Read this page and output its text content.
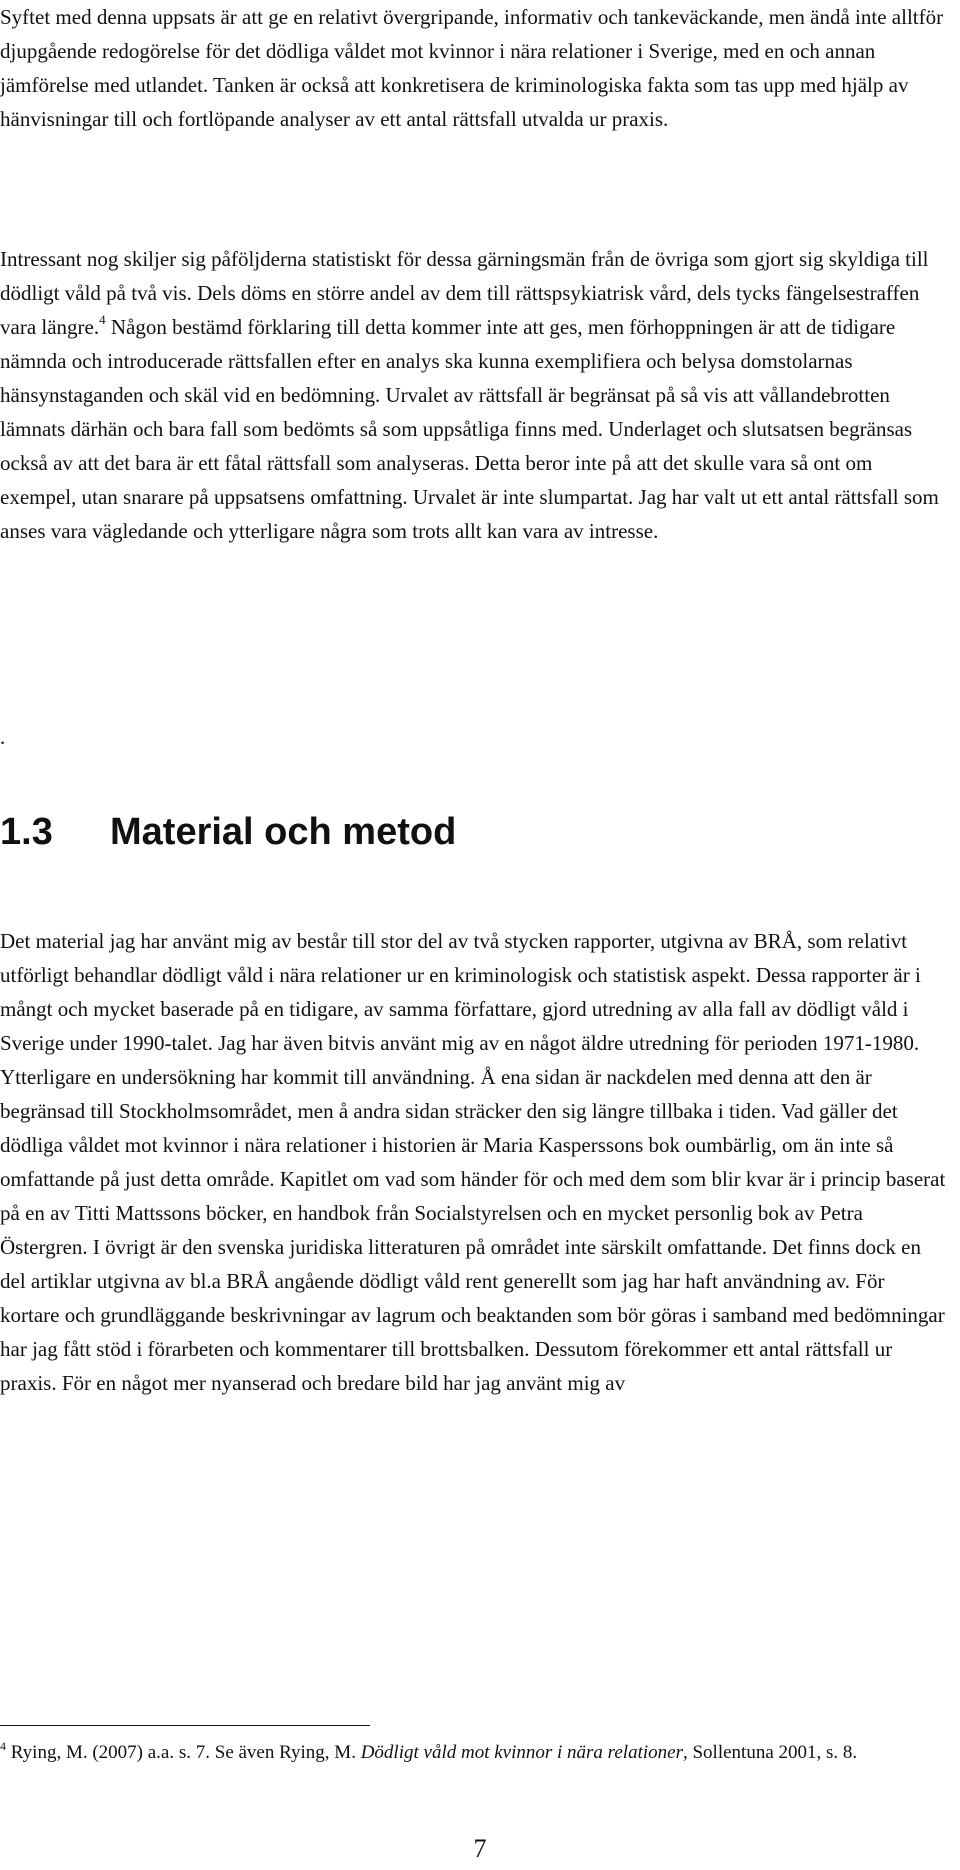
Syftet med denna uppsats är att ge en relativt övergripande, informativ och tankeväckande, men ändå inte alltför djupgående redogörelse för det dödliga våldet mot kvinnor i nära relationer i Sverige, med en och annan jämförelse med utlandet. Tanken är också att konkretisera de kriminologiska fakta som tas upp med hjälp av hänvisningar till och fortlöpande analyser av ett antal rättsfall utvalda ur praxis.

Intressant nog skiljer sig påföljderna statistiskt för dessa gärningsmän från de övriga som gjort sig skyldiga till dödligt våld på två vis. Dels döms en större andel av dem till rättspsykiatrisk vård, dels tycks fängelsestraffen vara längre.$^4$ Någon bestämd förklaring till detta kommer inte att ges, men förhoppningen är att de tidigare nämnda och introducerade rättsfallen efter en analys ska kunna exemplifiera och belysa domstolarnas hänsynstaganden och skäl vid en bedömning. Urvalet av rättsfall är begränsat på så vis att vållandebrotten lämnats därhän och bara fall som bedömts så som uppsåtliga finns med. Underlaget och slutsatsen begränsas också av att det bara är ett fåtal rättsfall som analyseras. Detta beror inte på att det skulle vara så ont om exempel, utan snarare på uppsatsens omfattning. Urvalet är inte slumpartat. Jag har valt ut ett antal rättsfall som anses vara vägledande och ytterligare några som trots allt kan vara av intresse.

.
1.3 Material och metod

Det material jag har använt mig av består till stor del av två stycken rapporter, utgivna av BRÅ, som relativt utförligt behandlar dödligt våld i nära relationer ur en kriminologisk och statistisk aspekt. Dessa rapporter är i mångt och mycket baserade på en tidigare, av samma författare, gjord utredning av alla fall av dödligt våld i Sverige under 1990-talet. Jag har även bitvis använt mig av en något äldre utredning för perioden 1971-1980. Ytterligare en undersökning har kommit till användning. Å ena sidan är nackdelen med denna att den är begränsad till Stockholmsområdet, men å andra sidan sträcker den sig längre tillbaka i tiden. Vad gäller det dödliga våldet mot kvinnor i nära relationer i historien är Maria Kasperssons bok oumbärlig, om än inte så omfattande på just detta område. Kapitlet om vad som händer för och med dem som blir kvar är i princip baserat på en av Titti Mattssons böcker, en handbok från Socialstyrelsen och en mycket personlig bok av Petra Östergren. I övrigt är den svenska juridiska litteraturen på området inte särskilt omfattande. Det finns dock en del artiklar utgivna av bl.a BRÅ angående dödligt våld rent generellt som jag har haft användning av. För kortare och grundläggande beskrivningar av lagrum och beaktanden som bör göras i samband med bedömningar har jag fått stöd i förarbeten och kommentarer till brottsbalken. Dessutom förekommer ett antal rättsfall ur praxis. För en något mer nyanserad och bredare bild har jag använt mig av

$^4$ Rying, M. (2007) a.a. s. 7. Se även Rying, M. Dödligt våld mot kvinnor i nära relationer, Sollentuna 2001, s. 8.

7
